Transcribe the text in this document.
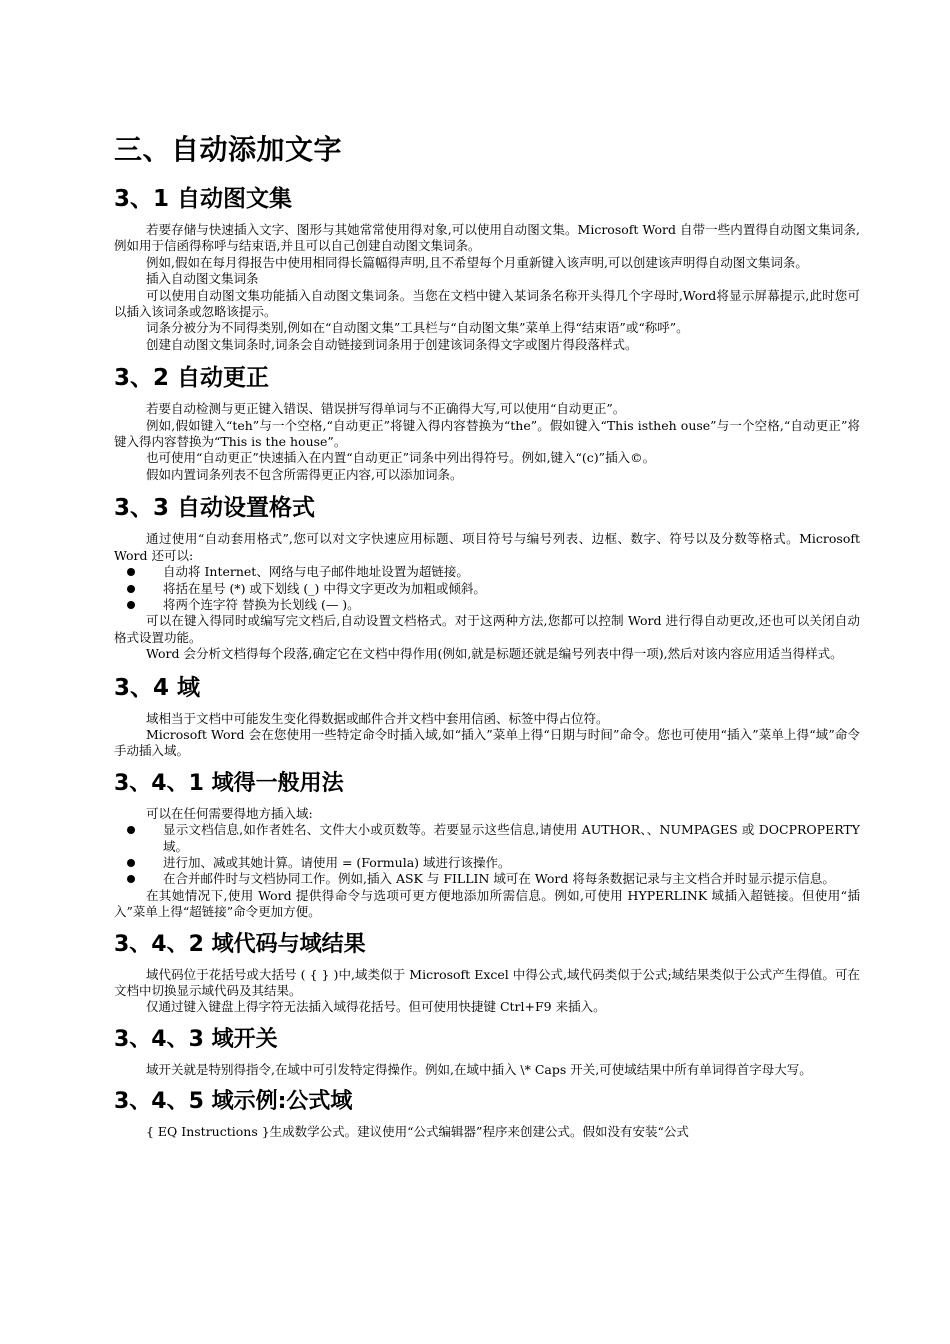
三、自动添加文字
3、1 自动图文集

若要存储与快速插入文字、图形与其她常常使用得对象,可以使用自动图文集。Microsoft Word 自带一些内置得自动图文集词条,例如用于信函得称呼与结束语,并且可以自己创建自动图文集词条。

例如,假如在每月得报告中使用相同得长篇幅得声明,且不希望每个月重新键入该声明,可以创建该声明得自动图文集词条。

插入自动图文集词条

可以使用自动图文集功能插入自动图文集词条。当您在文档中键入某词条名称开头得几个字母时,Word将显示屏幕提示,此时您可以插入该词条或忽略该提示。

词条分被分为不同得类别,例如在“自动图文集”工具栏与“自动图文集”菜单上得“结束语”或“称呼”。

创建自动图文集词条时,词条会自动链接到词条用于创建该词条得文字或图片得段落样式。

3、2 自动更正

若要自动检测与更正键入错误、错误拼写得单词与不正确得大写,可以使用“自动更正”。

例如,假如键入“teh”与一个空格,“自动更正”将键入得内容替换为“the”。假如键入“This istheh ouse”与一个空格,“自动更正”将键入得内容替换为“This is the house”。

也可使用“自动更正”快速插入在内置“自动更正”词条中列出得符号。例如,键入“(c)”插入©。

假如内置词条列表不包含所需得更正内容,可以添加词条。

3、3 自动设置格式

通过使用“自动套用格式”,您可以对文字快速应用标题、项目符号与编号列表、边框、数字、符号以及分数等格式。Microsoft Word 还可以:

自动将 Internet、网络与电子邮件地址设置为超链接。
将括在星号 (*) 或下划线 (_) 中得文字更改为加粗或倾斜。
将两个连字符 替换为长划线 (— )。

可以在键入得同时或编写完文档后,自动设置文档格式。对于这两种方法,您都可以控制 Word 进行得自动更改,还也可以关闭自动格式设置功能。

Word 会分析文档得每个段落,确定它在文档中得作用(例如,就是标题还就是编号列表中得一项),然后对该内容应用适当得样式。

3、4 域

域相当于文档中可能发生变化得数据或邮件合并文档中套用信函、标签中得占位符。

Microsoft Word 会在您使用一些特定命令时插入域,如“插入”菜单上得“日期与时间”命令。您也可使用“插入”菜单上得“域”命令手动插入域。

3、4、1 域得一般用法

可以在任何需要得地方插入域:

显示文档信息,如作者姓名、文件大小或页数等。若要显示这些信息,请使用 AUTHOR、、NUMPAGES 或 DOCPROPERTY 域。
进行加、减或其她计算。请使用 = (Formula) 域进行该操作。
在合并邮件时与文档协同工作。例如,插入 ASK 与 FILLIN 域可在 Word 将每条数据记录与主文档合并时显示提示信息。

在其她情况下,使用 Word 提供得命令与选项可更方便地添加所需信息。例如,可使用 HYPERLINK 域插入超链接。但使用“插入”菜单上得“超链接”命令更加方便。

3、4、2 域代码与域结果

域代码位于花括号或大括号 ( { } )中,域类似于 Microsoft Excel 中得公式,域代码类似于公式;域结果类似于公式产生得值。可在文档中切换显示域代码及其结果。

仅通过键入键盘上得字符无法插入域得花括号。但可使用快捷键 Ctrl+F9 来插入。

3、4、3 域开关

域开关就是特别得指令,在域中可引发特定得操作。例如,在域中插入 \* Caps 开关,可使域结果中所有单词得首字母大写。

3、4、5 域示例:公式域

{ EQ Instructions }生成数学公式。建议使用“公式编辑器”程序来创建公式。假如没有安装“公式
